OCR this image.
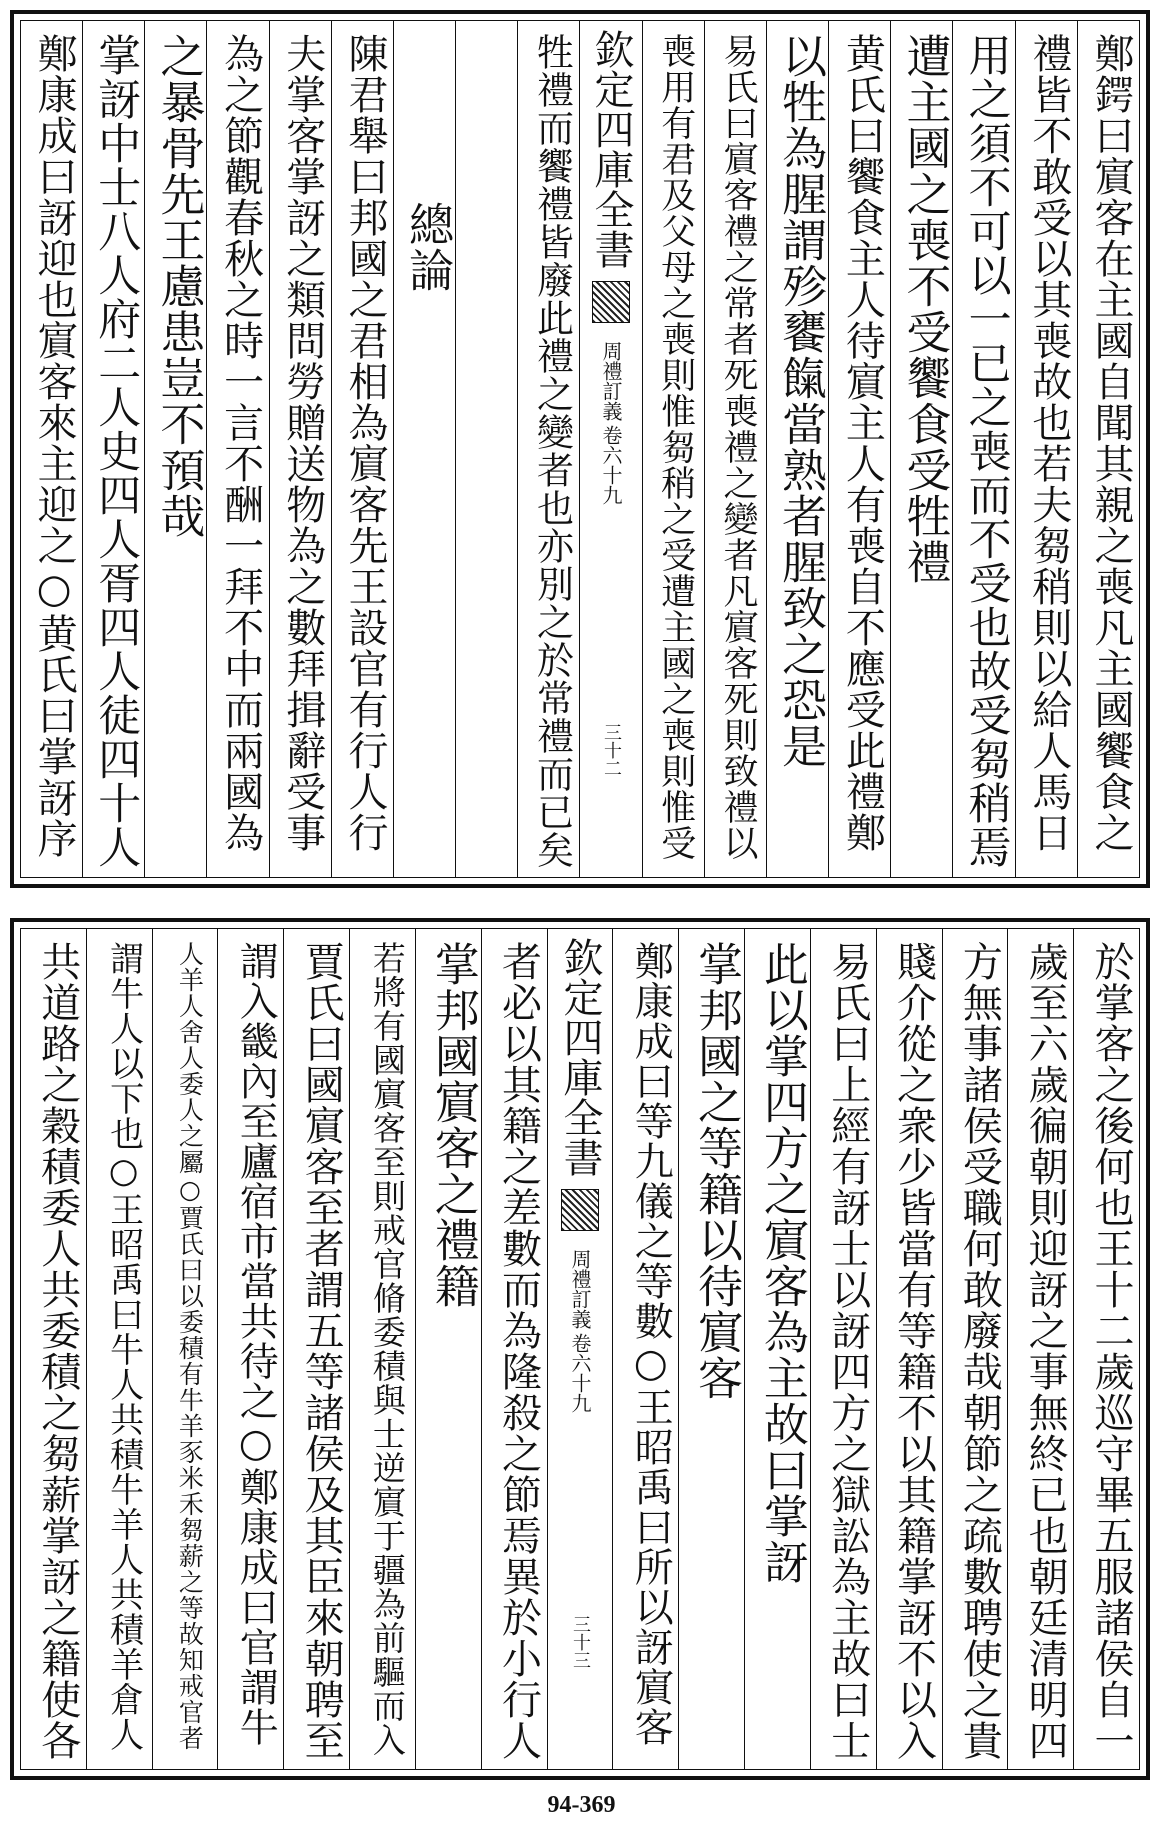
鄭鍔曰賔客在主國自聞其親之喪凡主國饗食之
禮皆不敢受以其喪故也若夫芻稍則以給人馬日
用之須不可以一已之喪而不受也故受芻稍焉
遭主國之喪不受饗食受牲禮
黄氏曰饗食主人待賔主人有喪自不應受此禮鄭
以牲為腥謂殄饔餼當熟者腥致之恐是
易氏曰賔客禮之常者死喪禮之變者凡賔客死則致禮以
喪用有君及父母之喪則惟芻稍之受遭主國之喪則惟受
欽定四庫全書
周禮訂義
卷六十九
三十二
牲禮而饗禮皆廢此禮之變者也亦別之於常禮而已矣
總論
陳君舉曰邦國之君相為賔客先王設官有行人行
夫掌客掌訝之類問勞贈送物為之數拜揖辭受事
為之節觀春秋之時一言不酬一拜不中而兩國為
之暴骨先王慮患豈不預哉
掌訝中士八人府二人史四人胥四人徒四十人
鄭康成曰訝迎也賔客來主迎之○黄氏曰掌訝序
於掌客之後何也王十二歲巡守畢五服諸侯自一
歲至六歲徧朝則迎訝之事無終已也朝廷清明四
方無事諸侯受職何敢廢哉朝節之疏數聘使之貴
賤介從之衆少皆當有等籍不以其籍掌訝不以入
易氏曰上經有訝士以訝四方之獄訟為主故曰士
此以掌四方之賔客為主故曰掌訝
掌邦國之等籍以待賔客
鄭康成曰等九儀之等數○王昭禹曰所以訝賔客
欽定四庫全書
周禮訂義
卷六十九
三十三
者必以其籍之差數而為隆殺之節焉異於小行人
掌邦國賔客之禮籍
若將有國賔客至則戒官脩委積與士逆賔于疆為前驅而入
賈氏曰國賔客至者謂五等諸侯及其臣來朝聘至
謂入畿內至廬宿市當共待之○鄭康成曰官謂牛
人羊人舍人委人之屬○賈氏曰以委積有牛羊豕米禾芻薪之等故知戒官者
謂牛人以下也○王昭禹曰牛人共積牛羊人共積羊倉人
共道路之穀積委人共委積之芻薪掌訝之籍使各
94-369
